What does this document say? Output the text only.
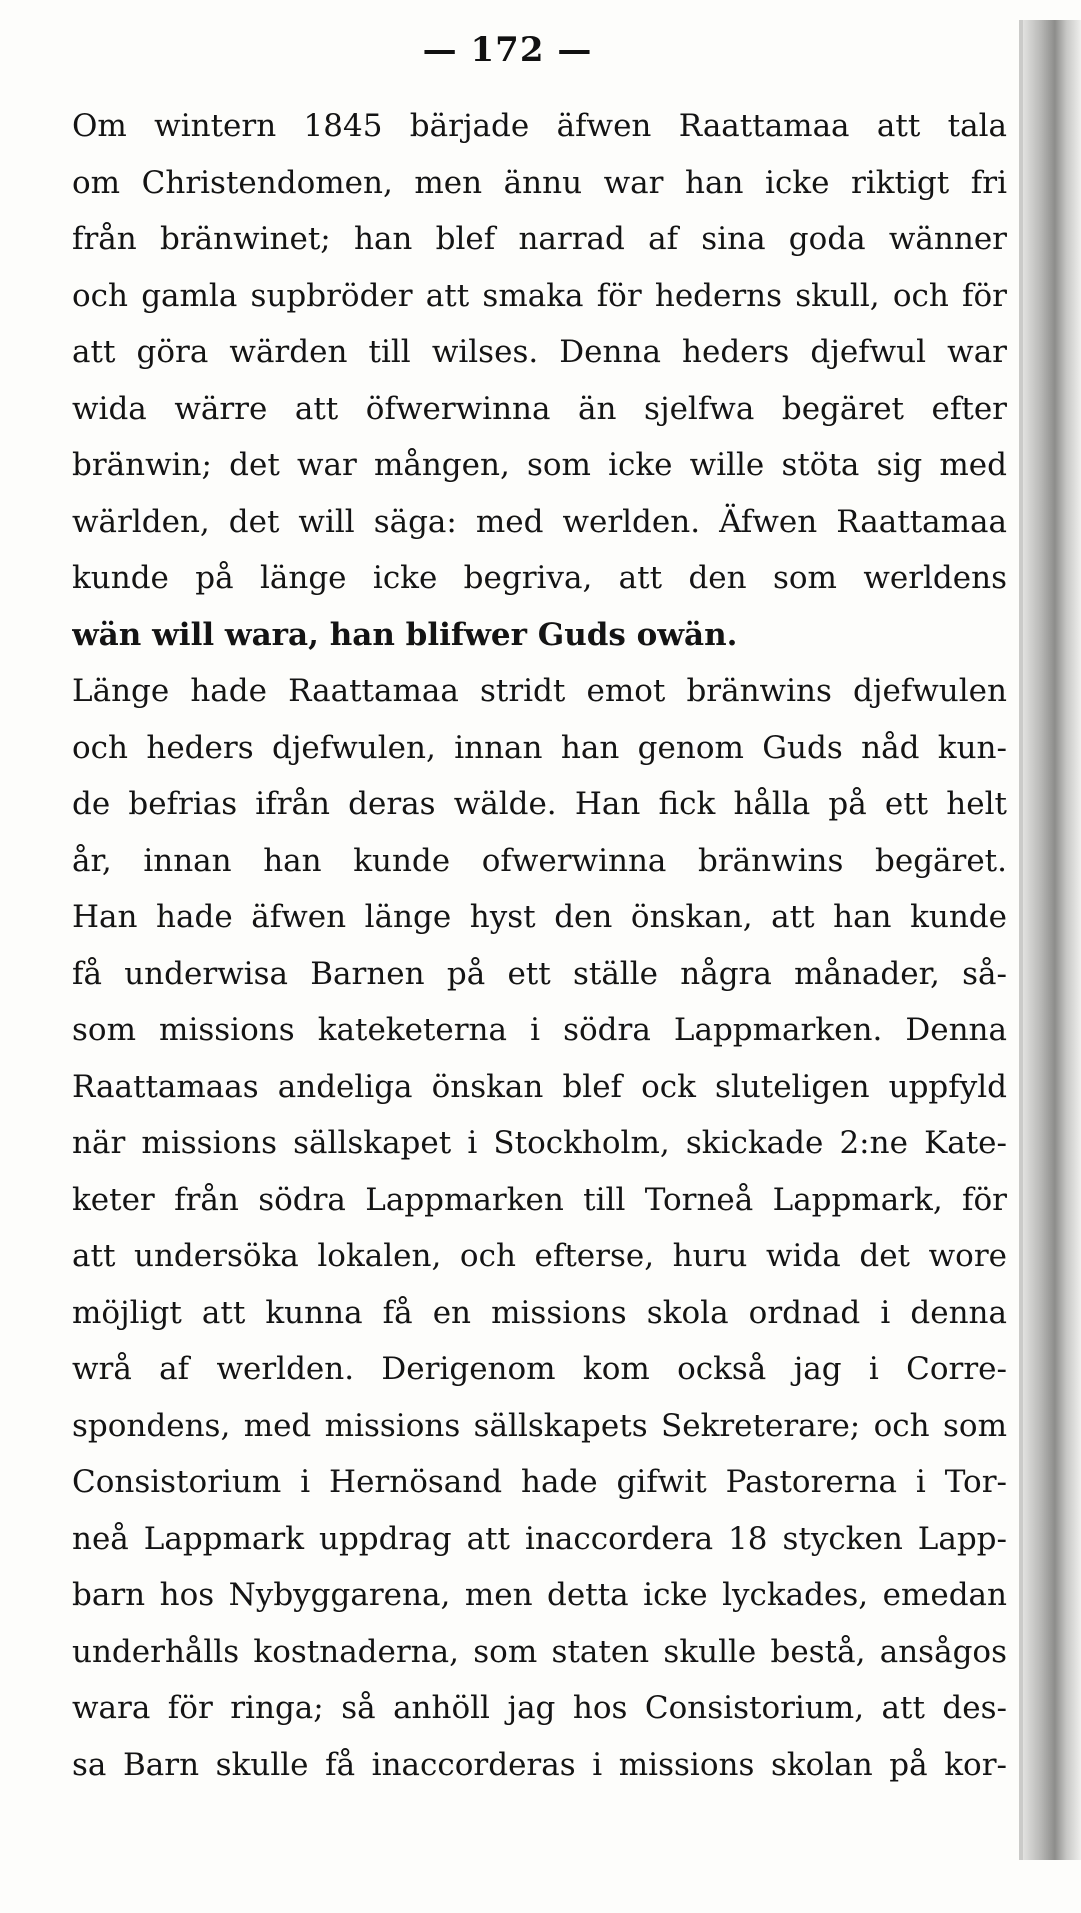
— 172 —
Om wintern 1845 bärjade äfwen Raattamaa att tala
om Christendomen, men ännu war han icke riktigt fri
från bränwinet; han blef narrad af sina goda wänner
och gamla supbröder att smaka för hederns skull, och för
att göra wärden till wilses. Denna heders djefwul war
wida wärre att öfwerwinna än sjelfwa begäret efter
bränwin; det war mången, som icke wille stöta sig med
wärlden, det will säga: med werlden. Äfwen Raattamaa
kunde på länge icke begriva, att den som werldens
wän will wara, han blifwer Guds owän.
Länge hade Raattamaa stridt emot bränwins djefwulen
och heders djefwulen, innan han genom Guds nåd kun-
de befrias ifrån deras wälde. Han fick hålla på ett helt
år, innan han kunde ofwerwinna bränwins begäret.
Han hade äfwen länge hyst den önskan, att han kunde
få underwisa Barnen på ett ställe några månader, så-
som missions kateketerna i södra Lappmarken. Denna
Raattamaas andeliga önskan blef ock sluteligen uppfyld
när missions sällskapet i Stockholm, skickade 2:ne Kate-
keter från södra Lappmarken till Torneå Lappmark, för
att undersöka lokalen, och efterse, huru wida det wore
möjligt att kunna få en missions skola ordnad i denna
wrå af werlden. Derigenom kom också jag i Corre-
spondens, med missions sällskapets Sekreterare; och som
Consistorium i Hernösand hade gifwit Pastorerna i Tor-
neå Lappmark uppdrag att inaccordera 18 stycken Lapp-
barn hos Nybyggarena, men detta icke lyckades, emedan
underhålls kostnaderna, som staten skulle bestå, ansågos
wara för ringa; så anhöll jag hos Consistorium, att des-
sa Barn skulle få inaccorderas i missions skolan på kor-
